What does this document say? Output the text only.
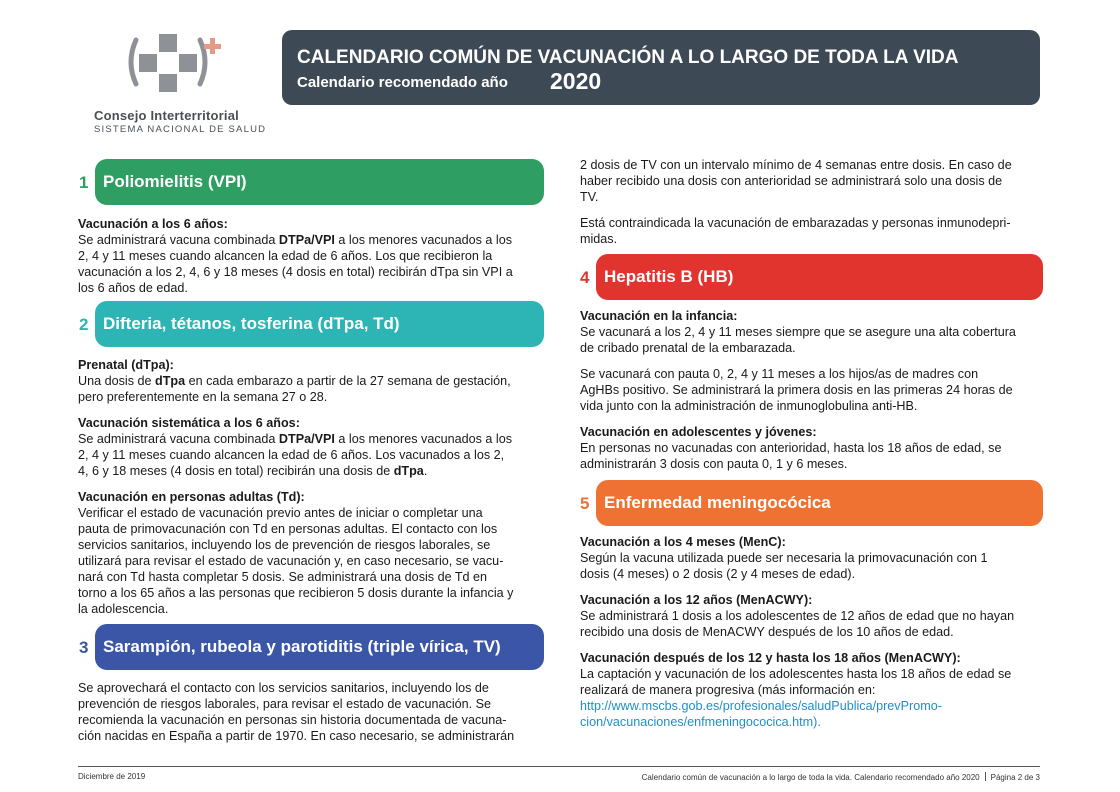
Consejo Interterritorial
SISTEMA NACIONAL DE SALUD
CALENDARIO COMÚN DE VACUNACIÓN A LO LARGO DE TODA LA VIDA
Calendario recomendado año 2020
1 Poliomielitis (VPI)
Vacunación a los 6 años:
Se administrará vacuna combinada DTPa/VPI a los menores vacunados a los
2, 4 y 11 meses cuando alcancen la edad de 6 años. Los que recibieron la
vacunación a los 2, 4, 6 y 18 meses (4 dosis en total) recibirán dTpa sin VPI a
los 6 años de edad.
2 Difteria, tétanos, tosferina (dTpa, Td)
Prenatal (dTpa):
Una dosis de dTpa en cada embarazo a partir de la 27 semana de gestación,
pero preferentemente en la semana 27 o 28.
Vacunación sistemática a los 6 años:
Se administrará vacuna combinada DTPa/VPI a los menores vacunados a los
2, 4 y 11 meses cuando alcancen la edad de 6 años. Los vacunados a los 2,
4, 6 y 18 meses (4 dosis en total) recibirán una dosis de dTpa.
Vacunación en personas adultas (Td):
Verificar el estado de vacunación previo antes de iniciar o completar una
pauta de primovacunación con Td en personas adultas. El contacto con los
servicios sanitarios, incluyendo los de prevención de riesgos laborales, se
utilizará para revisar el estado de vacunación y, en caso necesario, se vacu-
nará con Td hasta completar 5 dosis. Se administrará una dosis de Td en
torno a los 65 años a las personas que recibieron 5 dosis durante la infancia y
la adolescencia.
3 Sarampión, rubeola y parotiditis (triple vírica, TV)
Se aprovechará el contacto con los servicios sanitarios, incluyendo los de
prevención de riesgos laborales, para revisar el estado de vacunación. Se
recomienda la vacunación en personas sin historia documentada de vacuna-
ción nacidas en España a partir de 1970. En caso necesario, se administrarán
2 dosis de TV con un intervalo mínimo de 4 semanas entre dosis. En caso de
haber recibido una dosis con anterioridad se administrará solo una dosis de
TV.
Está contraindicada la vacunación de embarazadas y personas inmunodepri-
midas.
4 Hepatitis B (HB)
Vacunación en la infancia:
Se vacunará a los 2, 4 y 11 meses siempre que se asegure una alta cobertura
de cribado prenatal de la embarazada.
Se vacunará con pauta 0, 2, 4 y 11 meses a los hijos/as de madres con
AgHBs positivo. Se administrará la primera dosis en las primeras 24 horas de
vida junto con la administración de inmunoglobulina anti-HB.
Vacunación en adolescentes y jóvenes:
En personas no vacunadas con anterioridad, hasta los 18 años de edad, se
administrarán 3 dosis con pauta 0, 1 y 6 meses.
5 Enfermedad meningocócica
Vacunación a los 4 meses (MenC):
Según la vacuna utilizada puede ser necesaria la primovacunación con 1
dosis (4 meses) o 2 dosis (2 y 4 meses de edad).
Vacunación a los 12 años (MenACWY):
Se administrará 1 dosis a los adolescentes de 12 años de edad que no hayan
recibido una dosis de MenACWY después de los 10 años de edad.
Vacunación después de los 12 y hasta los 18 años (MenACWY):
La captación y vacunación de los adolescentes hasta los 18 años de edad se
realizará de manera progresiva (más información en:
http://www.mscbs.gob.es/profesionales/saludPublica/prevPromo-
cion/vacunaciones/enfmeningococica.htm).
Diciembre de 2019	Calendario común de vacunación a lo largo de toda la vida. Calendario recomendado año 2020 Página 2 de 3
